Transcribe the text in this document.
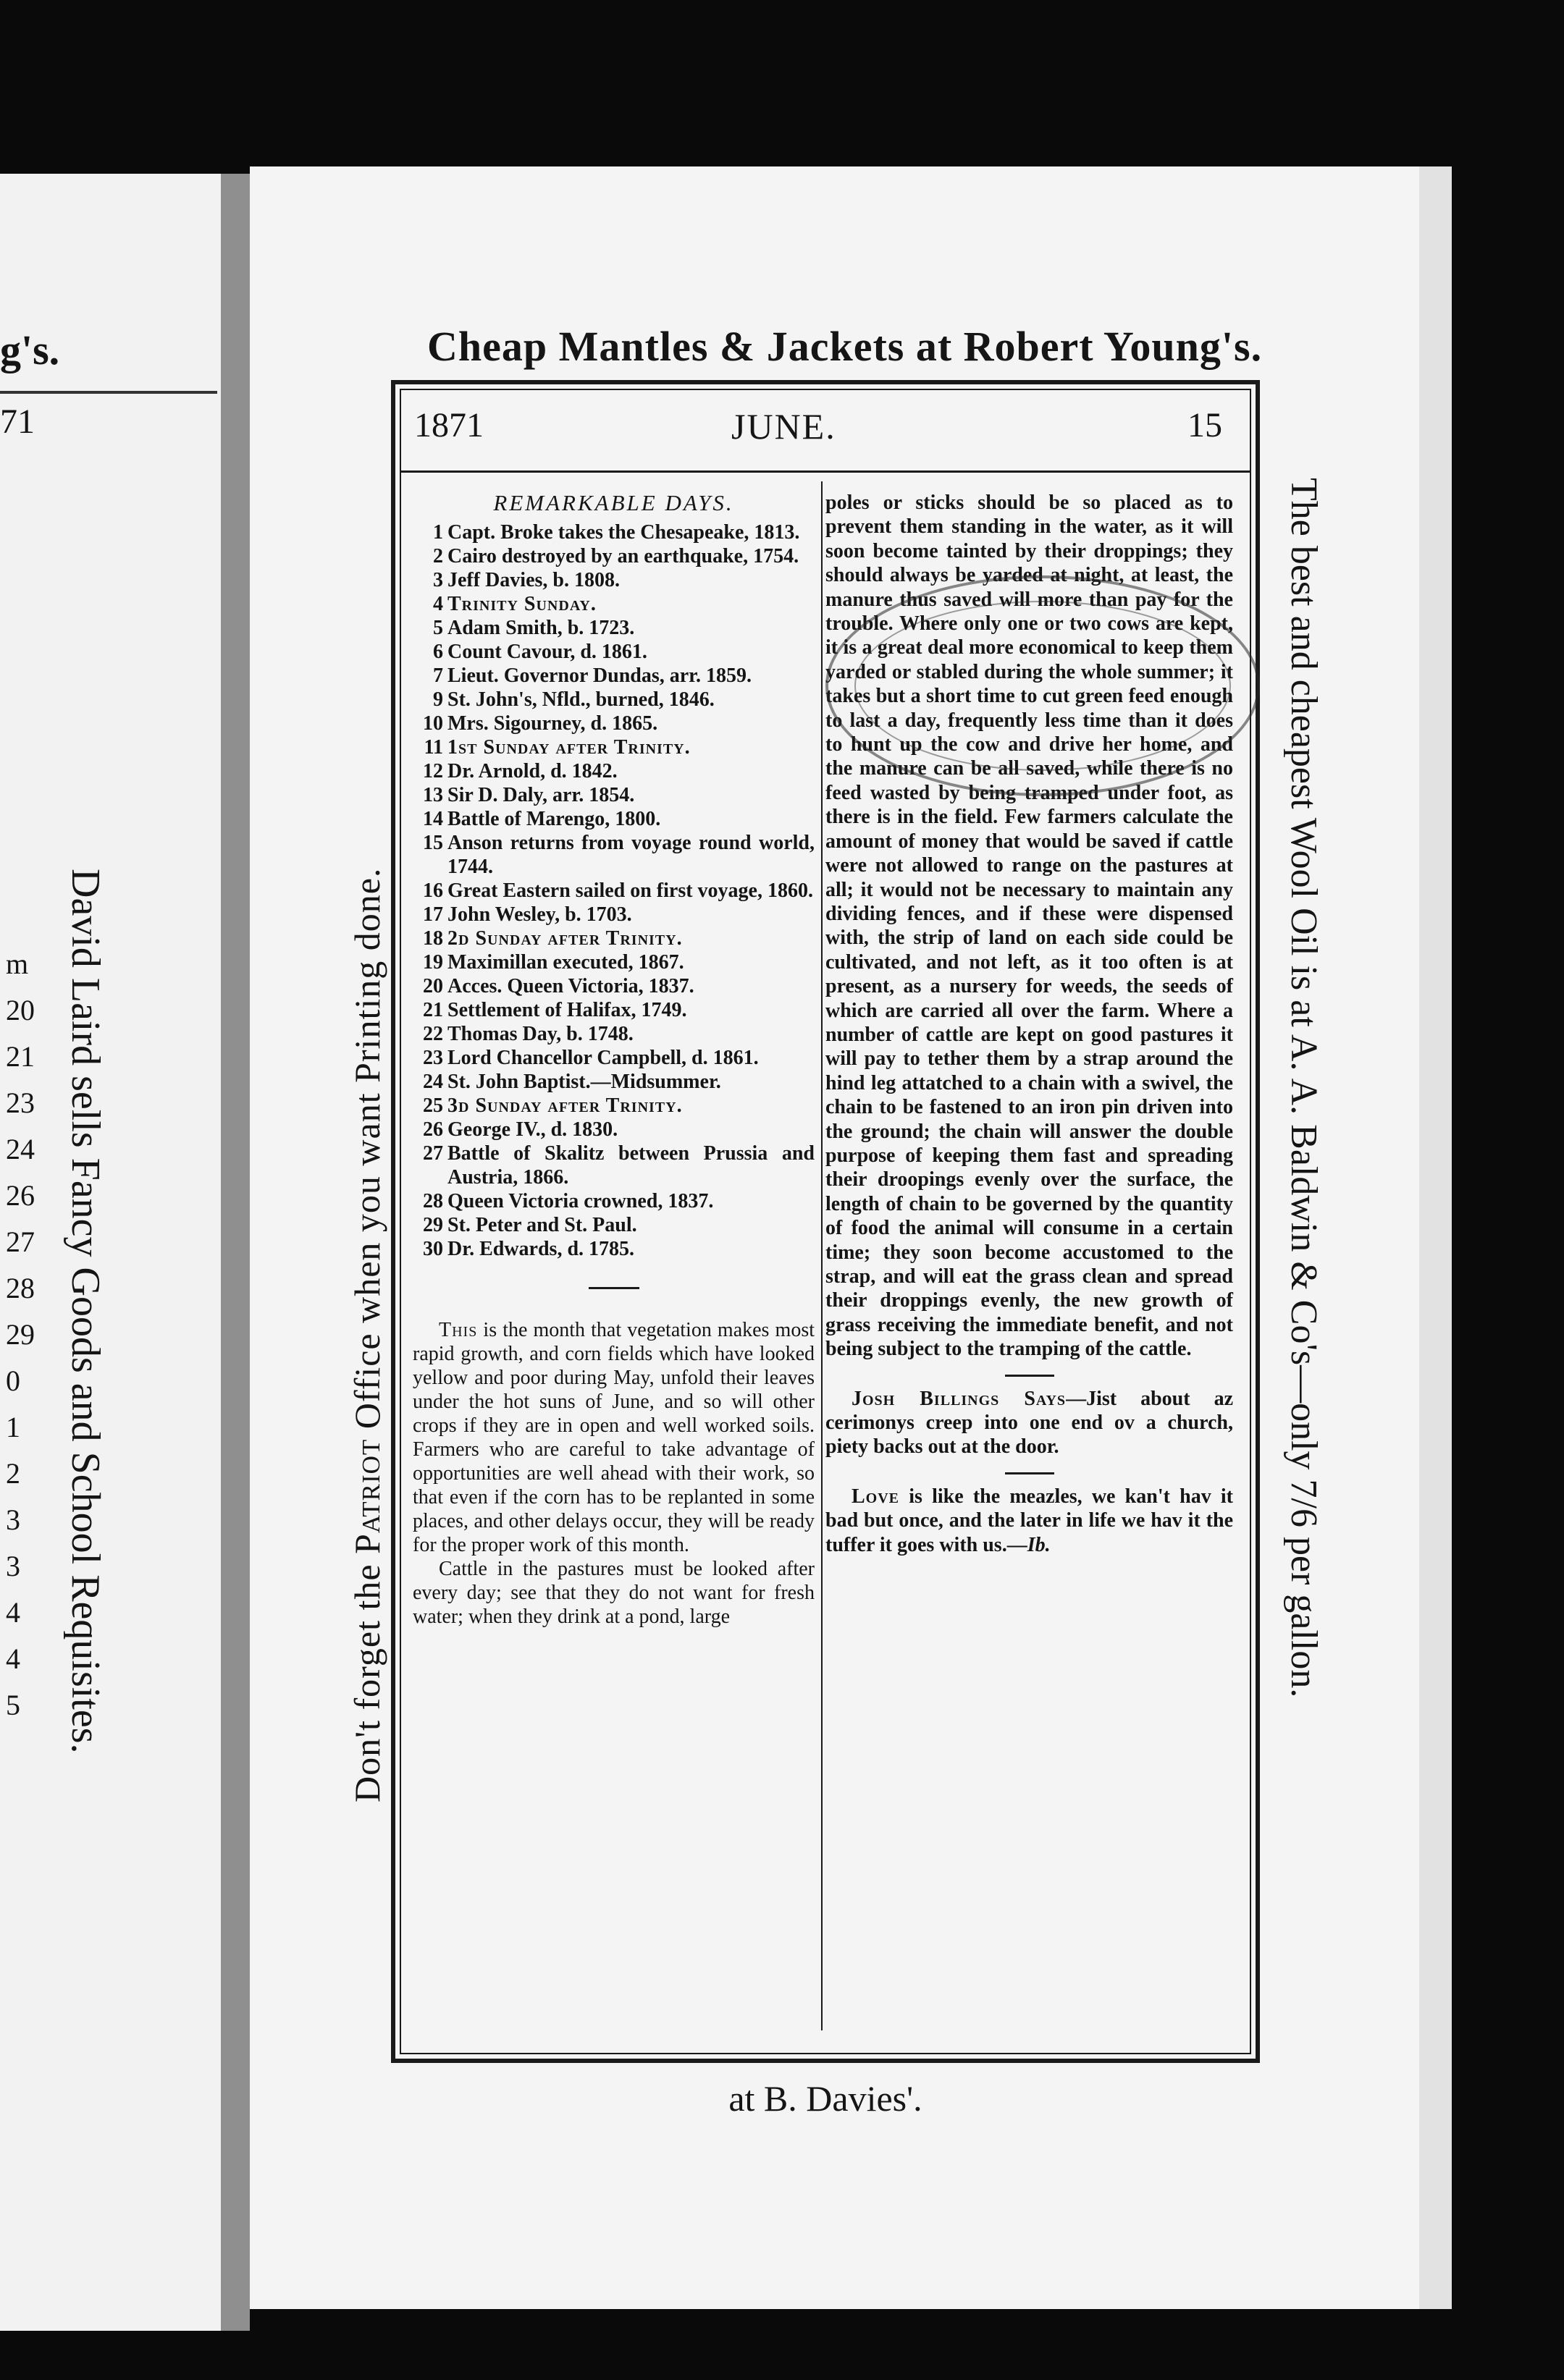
g's.
71
m
20
21
23
24
26
27
28
29
0
1
2
3
3
4
4
5	David Laird sells Fancy Goods and School Requisites.
Cheap Mantles & Jackets at Robert Young's.
1871	JUNE.	15
REMARKABLE DAYS.
1 Capt. Broke takes the Chesapeake, 1813.
2 Cairo destroyed by an earthquake, 1754.
3 Jeff Davies, b. 1808.
4 Trinity Sunday.
5 Adam Smith, b. 1723.
6 Count Cavour, d. 1861.
7 Lieut. Governor Dundas, arr. 1859.
9 St. John's, Nfld., burned, 1846.
10 Mrs. Sigourney, d. 1865.
11 1st Sunday after Trinity.
12 Dr. Arnold, d. 1842.
13 Sir D. Daly, arr. 1854.
14 Battle of Marengo, 1800.
15 Anson returns from voyage round world, 1744.
16 Great Eastern sailed on first voyage, 1860.
17 John Wesley, b. 1703.
18 2d Sunday after Trinity.
19 Maximillan executed, 1867.
20 Acces. Queen Victoria, 1837.
21 Settlement of Halifax, 1749.
22 Thomas Day, b. 1748.
23 Lord Chancellor Campbell, d. 1861.
24 St. John Baptist.—Midsummer.
25 3d Sunday after Trinity.
26 George IV., d. 1830.
27 Battle of Skalitz between Prussia and Austria, 1866.
28 Queen Victoria crowned, 1837.
29 St. Peter and St. Paul.
30 Dr. Edwards, d. 1785.

This is the month that vegetation makes most rapid growth, and corn fields which have looked yellow and poor during May, unfold their leaves under the hot suns of June, and so will other crops if they are in open and well worked soils. Farmers who are careful to take advantage of opportunities are well ahead with their work, so that even if the corn has to be replanted in some places, and other delays occur, they will be ready for the proper work of this month.

Cattle in the pastures must be looked after every day; see that they do not want for fresh water; when they drink at a pond, large

poles or sticks should be so placed as to prevent them standing in the water, as it will soon become tainted by their droppings; they should always be yarded at night, at least, the manure thus saved will more than pay for the trouble. Where only one or two cows are kept, it is a great deal more economical to keep them yarded or stabled during the whole summer; it takes but a short time to cut green feed enough to last a day, frequently less time than it does to hunt up the cow and drive her home, and the manure can be all saved, while there is no feed wasted by being tramped under foot, as there is in the field. Few farmers calculate the amount of money that would be saved if cattle were not allowed to range on the pastures at all; it would not be necessary to maintain any dividing fences, and if these were dispensed with, the strip of land on each side could be cultivated, and not left, as it too often is at present, as a nursery for weeds, the seeds of which are carried all over the farm. Where a number of cattle are kept on good pastures it will pay to tether them by a strap around the hind leg attatched to a chain with a swivel, the chain to be fastened to an iron pin driven into the ground; the chain will answer the double purpose of keeping them fast and spreading their droopings evenly over the surface, the length of chain to be governed by the quantity of food the animal will consume in a certain time; they soon become accustomed to the strap, and will eat the grass clean and spread their droppings evenly, the new growth of grass receiving the immediate benefit, and not being subject to the tramping of the cattle.

Josh Billings Says—Jist about az cerimonys creep into one end ov a church, piety backs out at the door.

Love is like the meazles, we kan't hav it bad but once, and the later in life we hav it the tuffer it goes with us.—Ib.

Don't forget the Patriot Office when you want Printing done.	The best and cheapest Wool Oil is at A. A. Baldwin & Co's—only 7/6 per gallon.
at B. Davies'.
